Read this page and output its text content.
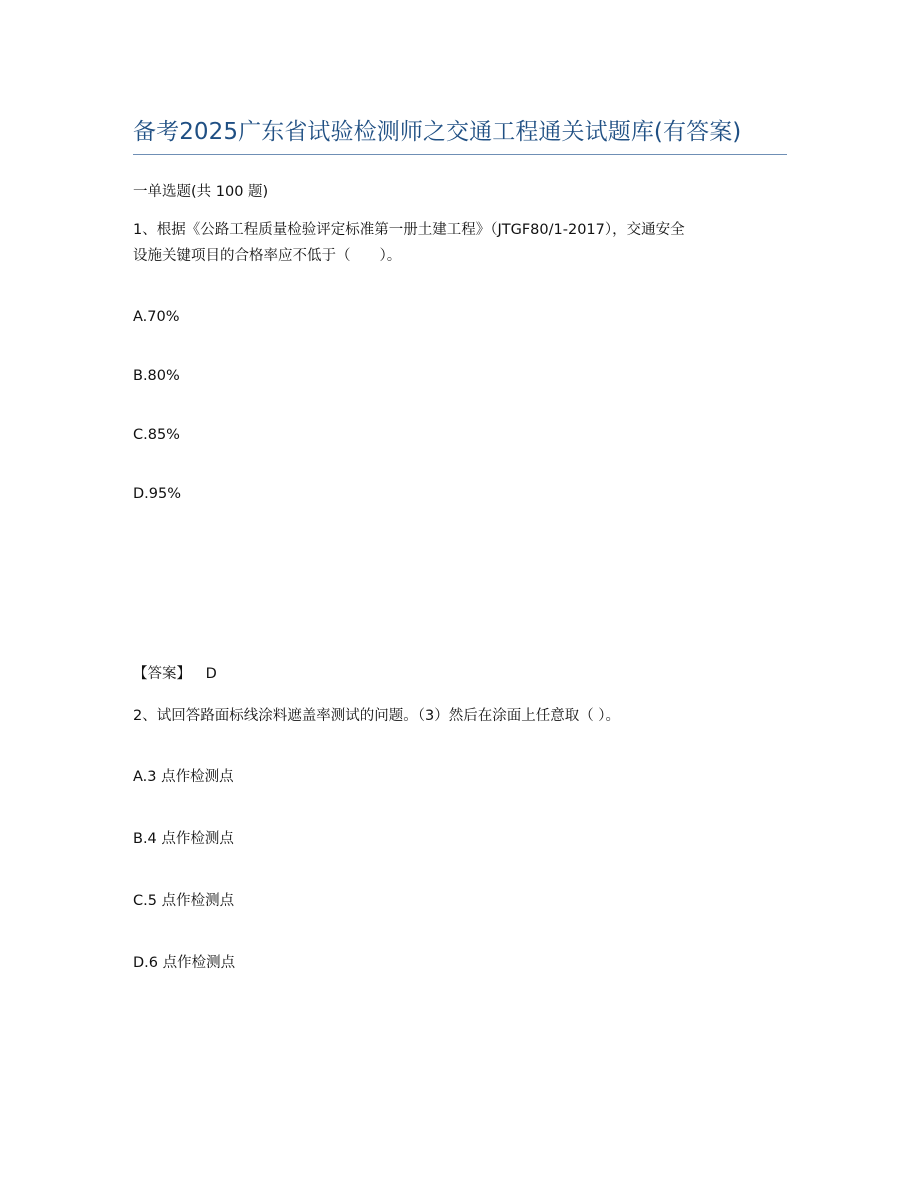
备考2025广东省试验检测师之交通工程通关试题库(有答案)
一单选题(共 100 题)
1、根据《公路工程质量检验评定标准第一册土建工程》（JTGF80/1-2017），交通安全
设施关键项目的合格率应不低于（　　）。
A.70%
B.80%
C.85%
D.95%
【答案】 D
2、试回答路面标线涂料遮盖率测试的问题。（3）然后在涂面上任意取（ ）。
A.3 点作检测点
B.4 点作检测点
C.5 点作检测点
D.6 点作检测点
